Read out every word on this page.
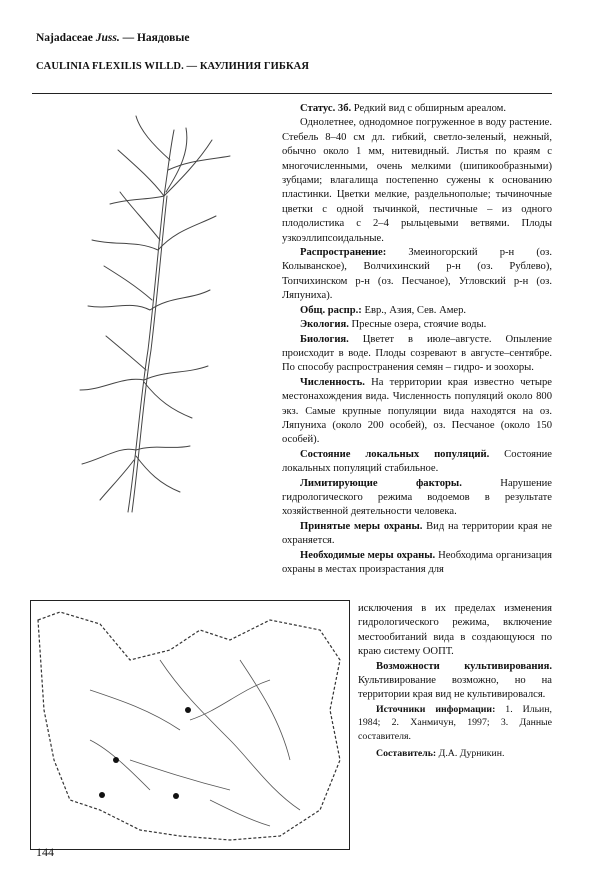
Najadaceae Juss. — Наядовые
CAULINIA FLEXILIS WILLD. — КАУЛИНИЯ ГИБКАЯ

Статус. 3б. Редкий вид с обширным ареалом.

Однолетнее, однодомное погруженное в воду растение. Стебель 8–40 см дл. гибкий, светло-зеленый, нежный, обычно около 1 мм, нитевидный. Листья по краям с многочисленными, очень мелкими (шипикообразными) зубцами; влагалища постепенно сужены к основанию пластинки. Цветки мелкие, раздельнополые; тычиночные цветки с одной тычинкой, пестичные – из одного плодолистика с 2–4 рыльцевыми ветвями. Плоды узкоэллипсоидальные.

Распространение: Змеиногорский р-н (оз. Колыванское), Волчихинский р-н (оз. Рублево), Топчихинском р-н (оз. Песчаное), Угловский р-н (оз. Ляпуниха).

Общ. распр.: Евр., Азия, Сев. Амер.

Экология. Пресные озера, стоячие воды.

Биология. Цветет в июле–августе. Опыление происходит в воде. Плоды созревают в августе–сентябре. По способу распространения семян – гидро- и зоохоры.

Численность. На территории края известно четыре местонахождения вида. Численность популяций около 800 экз. Самые крупные популяции вида находятся на оз. Ляпуниха (около 200 особей), оз. Песчаное (около 150 особей).

Состояние локальных популяций. Состояние локальных популяций стабильное.

Лимитирующие факторы. Нарушение гидрологического режима водоемов в результате хозяйственной деятельности человека.

Принятые меры охраны. Вид на территории края не охраняется.

Необходимые меры охраны. Необходима организация охраны в местах произрастания для

исключения в их пределах изменения гидрологического режима, включение местообитаний вида в создающуюся по краю систему ООПТ.

Возможности культивирования. Культивирование возможно, но на территории края вид не культивировался.

Источники информации: 1. Ильин, 1984; 2. Ханмичун, 1997; 3. Данные составителя.

Составитель: Д.А. Дурникин.

144
